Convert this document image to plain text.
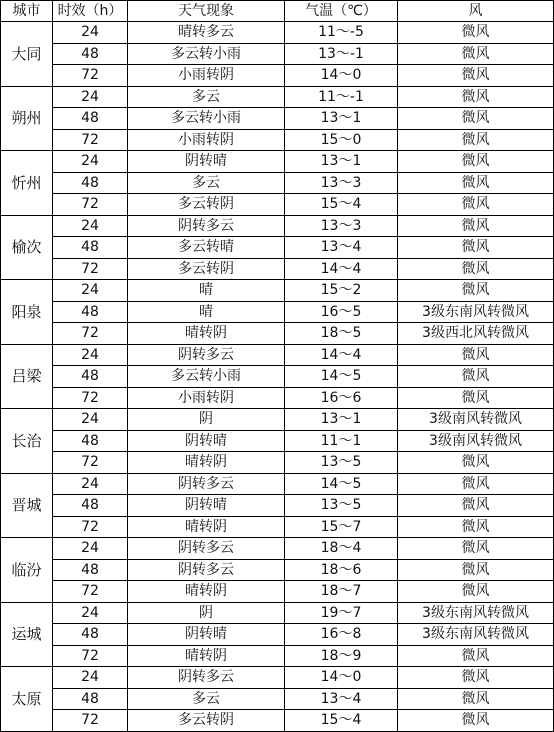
城市	时效（h）	天气现象	气温（℃）	风
大同	24	晴转多云	11～-5	微风
	48	多云转小雨	13～-1	微风
	72	小雨转阴	14～0	微风
朔州	24	多云	11～-1	微风
	48	多云转小雨	13～1	微风
	72	小雨转阴	15～0	微风
忻州	24	阴转晴	13～1	微风
	48	多云	13～3	微风
	72	多云转阴	15～4	微风
榆次	24	阴转多云	13～3	微风
	48	多云转晴	13～4	微风
	72	多云转阴	14～4	微风
阳泉	24	晴	15～2	微风
	48	晴	16～5	3级东南风转微风
	72	晴转阴	18～5	3级西北风转微风
吕梁	24	阴转多云	14～4	微风
	48	多云转小雨	14～5	微风
	72	小雨转阴	16～6	微风
长治	24	阴	13～1	3级南风转微风
	48	阴转晴	11～1	3级南风转微风
	72	晴转阴	13～5	微风
晋城	24	阴转多云	14～5	微风
	48	阴转晴	13～5	微风
	72	晴转阴	15～7	微风
临汾	24	阴转多云	18～4	微风
	48	阴转多云	18～6	微风
	72	晴转阴	18～7	微风
运城	24	阴	19～7	3级东南风转微风
	48	阴转晴	16～8	3级东南风转微风
	72	晴转阴	18～9	微风
太原	24	阴转多云	14～0	微风
	48	多云	13～4	微风
	72	多云转阴	15～4	微风
